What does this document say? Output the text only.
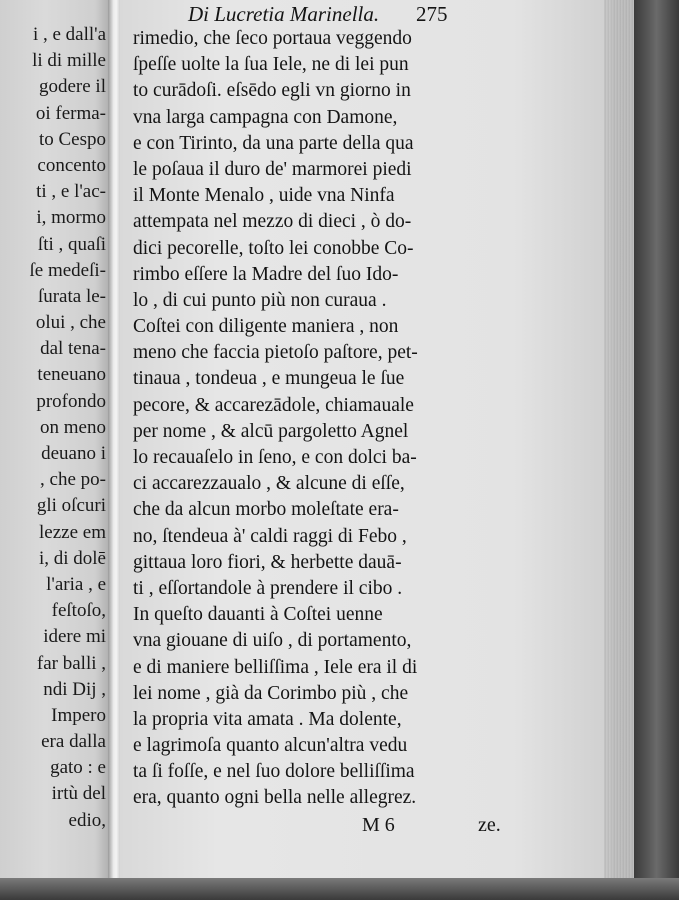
i , e dall'a
li di mille
godere il
oi ferma-
to Cespo
concento
ti , e l'ac-
i, mormo
ſti , quaſi
ſe medeſi-
ſurata le-
olui , che
dal tena-
teneuano
profondo
on meno
deuano i
, che po-
gli oſcuri
lezze em
i, di dolē
l'aria , e
feſtoſo,
idere mi
far balli ,
ndi Dij ,
Impero
era dalla
gato : e
irtù del
edio,
Di Lucretia Marinella. 275
rimedio, che ſeco portaua veggendo
ſpeſſe uolte la ſua Iele, ne di lei pun
to curādoſi. eſsēdo egli vn giorno in
vna larga campagna con Damone,
e con Tirinto, da una parte della qua
le poſaua il duro de' marmorei piedi
il Monte Menalo , uide vna Ninfa
attempata nel mezzo di dieci , ò do-
dici pecorelle, toſto lei conobbe Co-
rimbo eſſere la Madre del ſuo Ido-
lo , di cui punto più non curaua .
Coſtei con diligente maniera , non
meno che faccia pietoſo paſtore, pet-
tinaua , tondeua , e mungeua le ſue
pecore, & accarezādole, chiamauale
per nome , & alcū pargoletto Agnel
lo recauaſelo in ſeno, e con dolci ba-
ci accarezzaualo , & alcune di eſſe,
che da alcun morbo moleſtate era-
no, ſtendeua à' caldi raggi di Febo ,
gittaua loro fiori, & herbette dauā-
ti , eſſortandole à prendere il cibo .
In queſto dauanti à Coſtei uenne
vna giouane di uiſo , di portamento,
e di maniere belliſſima , Iele era il di
lei nome , già da Corimbo più , che
la propria vita amata . Ma dolente,
e lagrimoſa quanto alcun'altra vedu
ta ſi foſſe, e nel ſuo dolore belliſſima
era, quanto ogni bella nelle allegrez.
M 6	ze.
